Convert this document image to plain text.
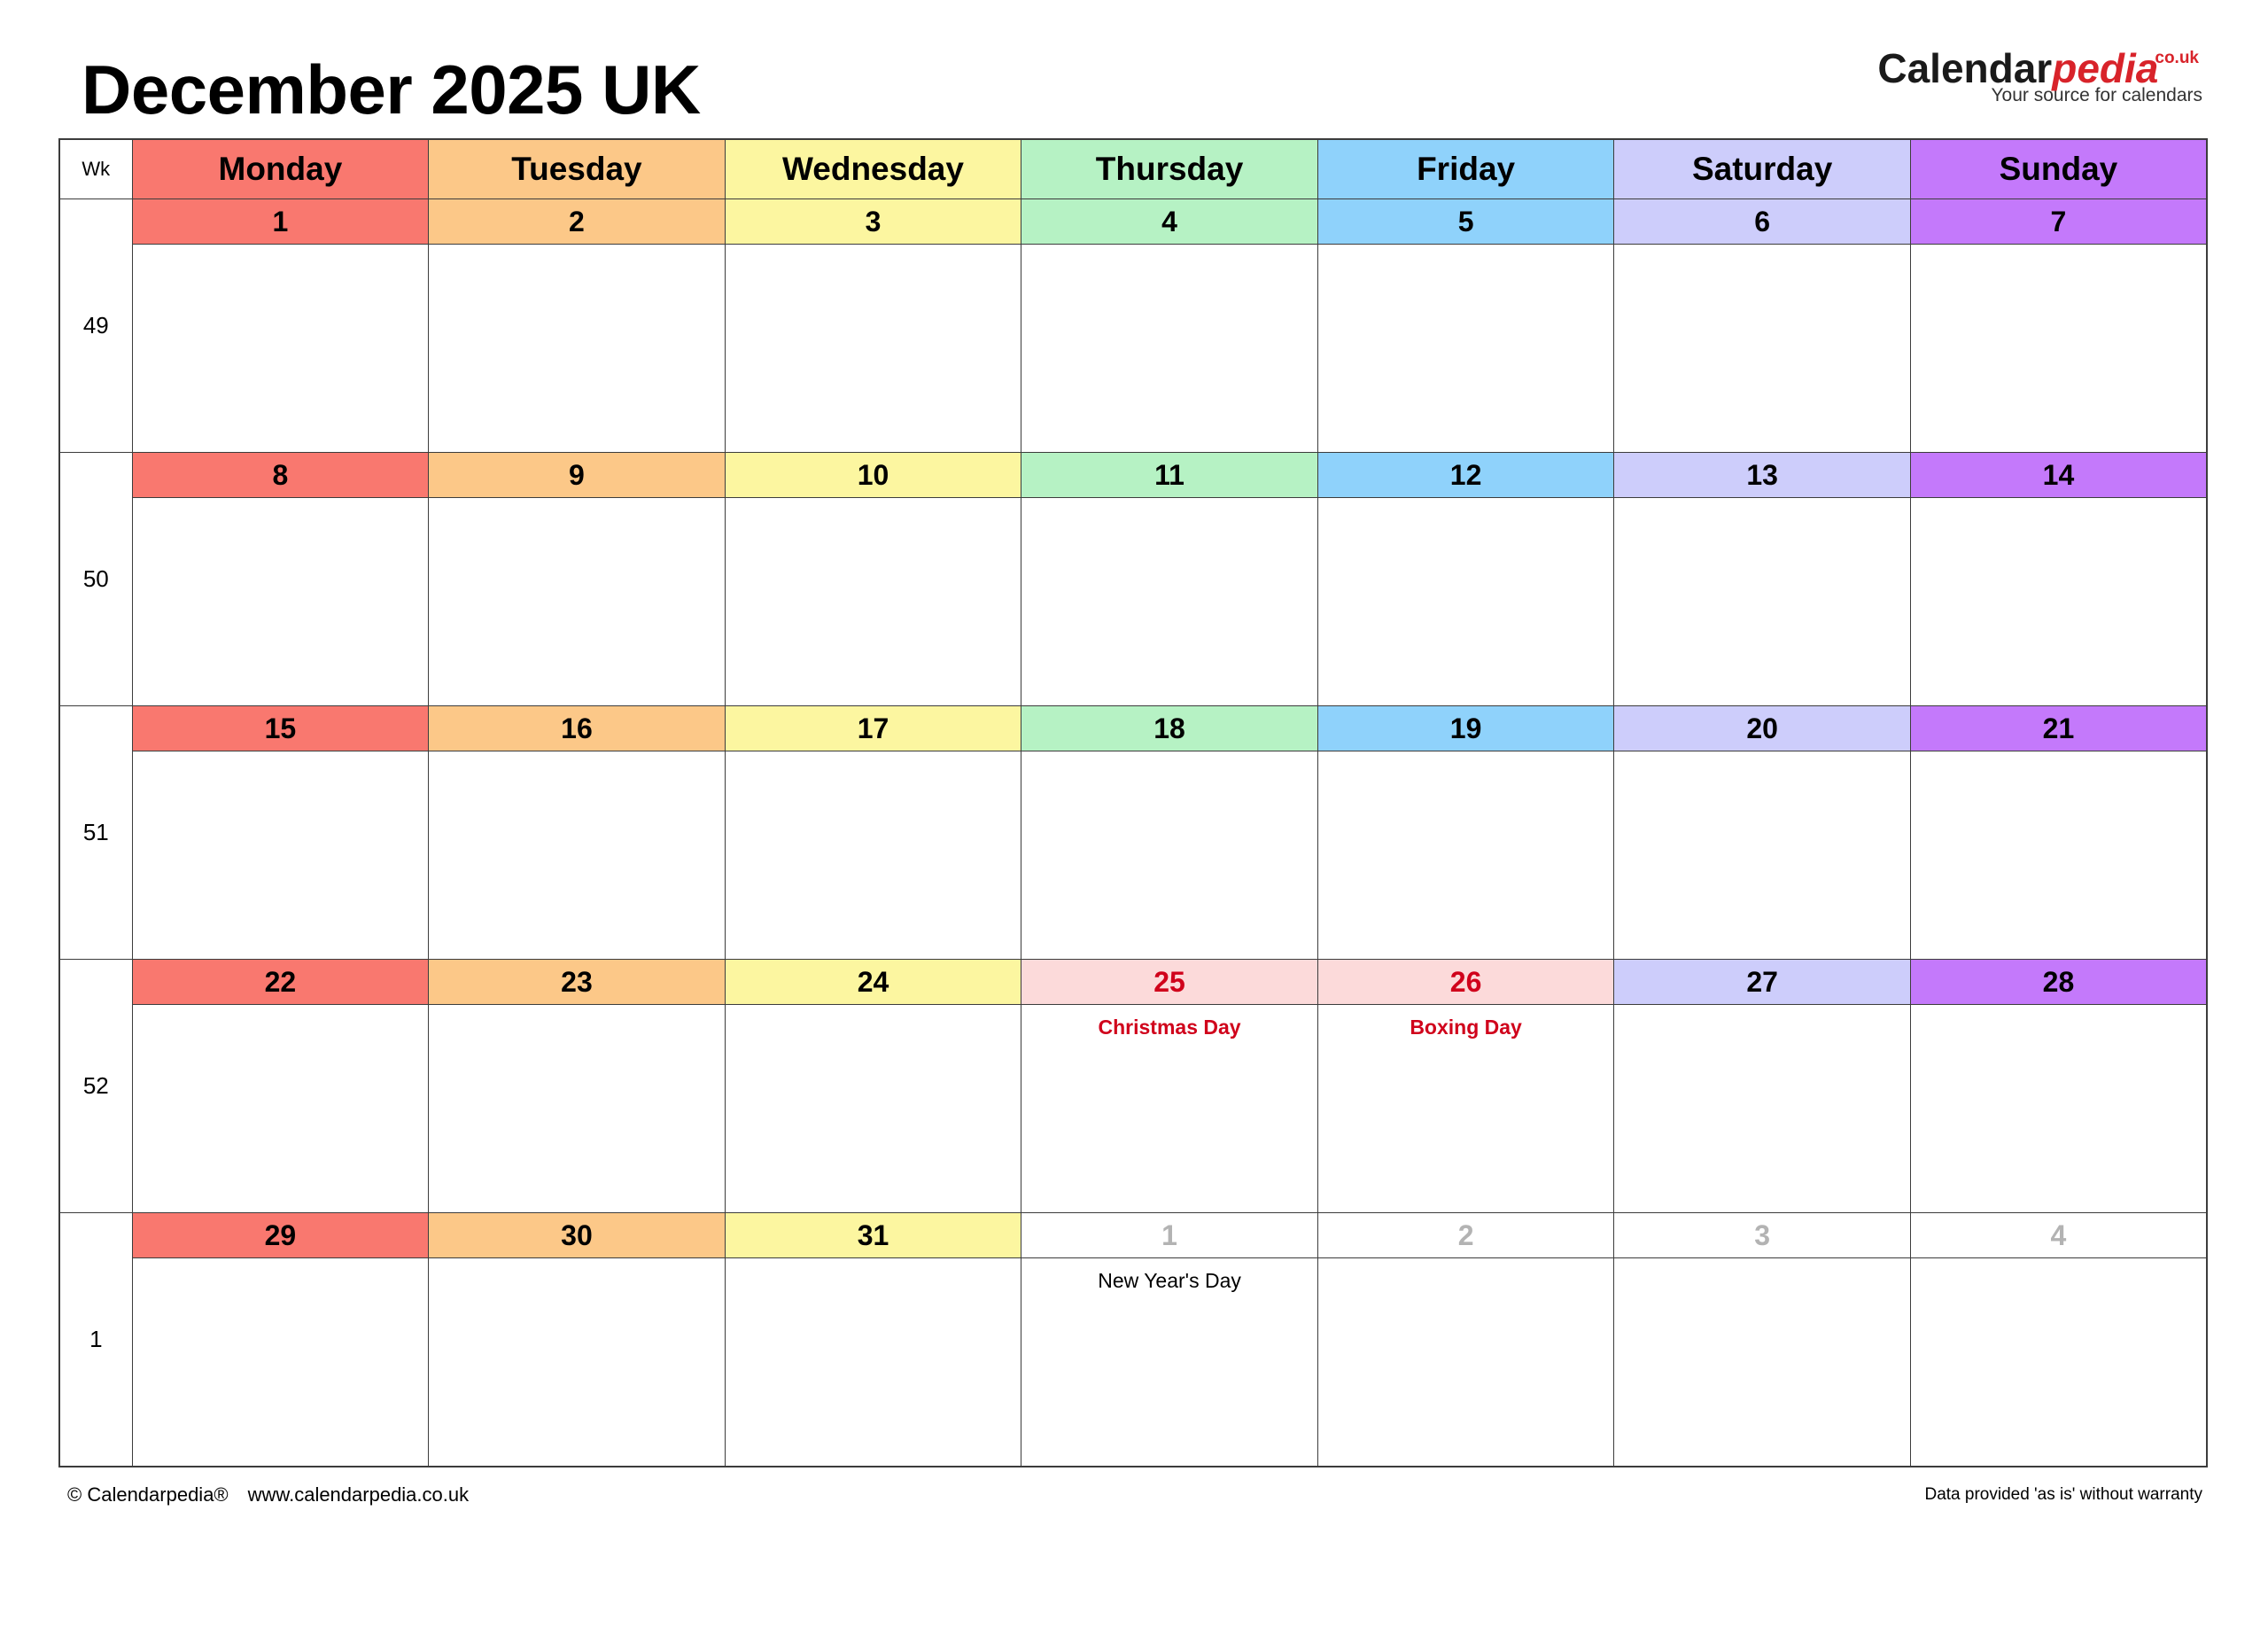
December 2025 UK	Calendarpedia$^{co.uk}$
Your source for calendars
Wk	Monday	Tuesday	Wednesday	Thursday	Friday	Saturday	Sunday
49	1	2	3	4	5	6	7

50	8	9	10	11	12	13	14

51	15	16	17	18	19	20	21

52	22	23	24	25	26	27	28

				Christmas Day	Boxing Day		

1	29	30	31	1	2	3	4

				New Year's Day			

© Calendarpedia® www.calendarpedia.co.uk	Data provided 'as is' without warranty
